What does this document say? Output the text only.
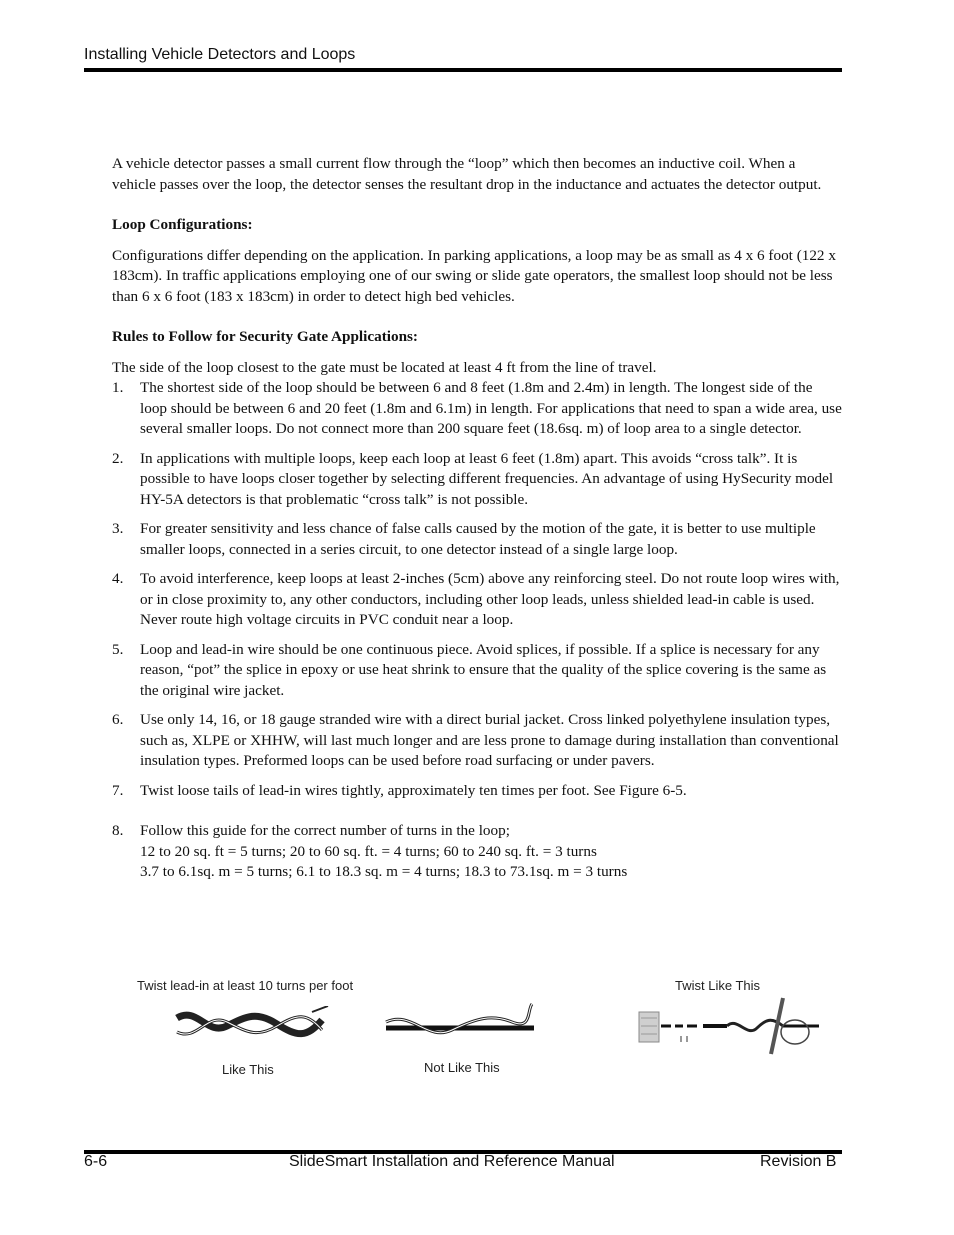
Installing Vehicle Detectors and Loops

A vehicle detector passes a small current flow through the “loop” which then becomes an inductive coil. When a vehicle passes over the loop, the detector senses the resultant drop in the inductance and actuates the detector output.

Loop Configurations:

Configurations differ depending on the application. In parking applications, a loop may be as small as 4 x 6 foot (122 x 183cm). In traffic applications employing one of our swing or slide gate operators, the smallest loop should not be less than 6 x 6 foot (183 x 183cm) in order to detect high bed vehicles.

Rules to Follow for Security Gate Applications:

The side of the loop closest to the gate must be located at least 4 ft from the line of travel.

1. The shortest side of the loop should be between 6 and 8 feet (1.8m and 2.4m) in length. The longest side of the loop should be between 6 and 20 feet (1.8m and 6.1m) in length. For applications that need to span a wide area, use several smaller loops. Do not connect more than 200 square feet (18.6sq. m) of loop area to a single detector.
2. In applications with multiple loops, keep each loop at least 6 feet (1.8m) apart. This avoids “cross talk”. It is possible to have loops closer together by selecting different frequencies. An advantage of using HySecurity model HY-5A detectors is that problematic “cross talk” is not possible.
3. For greater sensitivity and less chance of false calls caused by the motion of the gate, it is better to use multiple smaller loops, connected in a series circuit, to one detector instead of a single large loop.
4. To avoid interference, keep loops at least 2-inches (5cm) above any reinforcing steel. Do not route loop wires with, or in close proximity to, any other conductors, including other loop leads, unless shielded lead-in cable is used. Never route high voltage circuits in PVC conduit near a loop.
5. Loop and lead-in wire should be one continuous piece. Avoid splices, if possible. If a splice is necessary for any reason, “pot” the splice in epoxy or use heat shrink to ensure that the quality of the splice covering is the same as the original wire jacket.
6. Use only 14, 16, or 18 gauge stranded wire with a direct burial jacket. Cross linked polyethylene insulation types, such as, XLPE or XHHW, will last much longer and are less prone to damage during installation than conventional insulation types. Preformed loops can be used before road surfacing or under pavers.
7. Twist loose tails of lead-in wires tightly, approximately ten times per foot. See Figure 6-5.
8. Follow this guide for the correct number of turns in the loop;
12 to 20 sq. ft = 5 turns; 20 to 60 sq. ft. = 4 turns; 60 to 240 sq. ft. = 3 turns
3.7 to 6.1sq. m = 5 turns; 6.1 to 18.3 sq. m = 4 turns; 18.3 to 73.1sq. m = 3 turns
Twist lead-in at least 10 turns per foot
Like This	Not Like This
Twist Like This
6-6	SlideSmart Installation and Reference Manual	Revision B
